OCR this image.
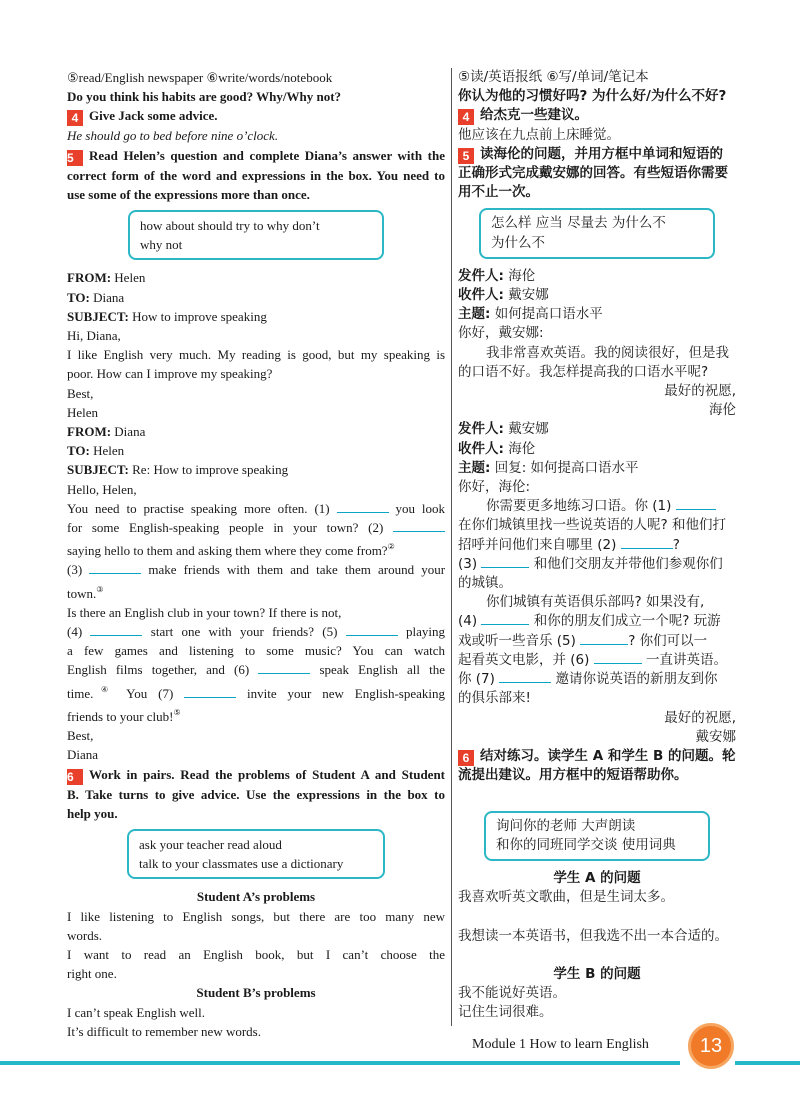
⑤read/English newspaper ⑥write/words/notebook
Do you think his habits are good? Why/Why not?
4 Give Jack some advice.
He should go to bed before nine o’clock.
5 Read Helen’s question and complete Diana’s answer with the
correct form of the word and expressions in the box. You need to
use some of the expressions more than once.
how about should try to why don’t
why not
FROM: Helen
TO: Diana
SUBJECT: How to improve speaking
Hi, Diana,
I like English very much. My reading is good, but my speaking is
poor. How can I improve my speaking?
Best,
Helen
FROM: Diana
TO: Helen
SUBJECT: Re: How to improve speaking
Hello, Helen,
You need to practise speaking more often. (1)	you look
for some English-speaking people in your town? (2)
saying hello to them and asking them where they come from?②
(3)	make friends with them and take them around your
town.③
Is there an English club in your town? If there is not,
(4)	start one with your friends? (5)	playing
a few games and listening to some music? You can watch
English films together, and (6)	speak English all the
time.④ You (7)	invite your new English-speaking
friends to your club!⑤
Best,
Diana
6 Work in pairs. Read the problems of Student A and Student
B. Take turns to give advice. Use the expressions in the box to
help you.
ask your teacher read aloud
talk to your classmates use a dictionary
Student A’s problems
I like listening to English songs, but there are too many new
words.
I want to read an English book, but I can’t choose the
right one.
Student B’s problems
I can’t speak English well.
It’s difficult to remember new words.
⑤读/英语报纸 ⑥写/单词/笔记本
你认为他的习惯好吗? 为什么好/为什么不好?
4 给杰克一些建议。
他应该在九点前上床睡觉。
5 读海伦的问题，并用方框中单词和短语的
正确形式完成戴安娜的回答。有些短语你需要
用不止一次。
怎么样 应当 尽量去 为什么不
为什么不
发件人: 海伦
收件人: 戴安娜
主题: 如何提高口语水平
你好，戴安娜:
我非常喜欢英语。我的阅读很好，但是我
的口语不好。我怎样提高我的口语水平呢?
最好的祝愿,
海伦
发件人: 戴安娜
收件人: 海伦
主题: 回复: 如何提高口语水平
你好，海伦:
你需要更多地练习口语。你 (1)
在你们城镇里找一些说英语的人呢? 和他们打
招呼并问他们来自哪里 (2)	?
(3)	和他们交朋友并带他们参观你们
的城镇。
你们城镇有英语俱乐部吗? 如果没有,
(4)	和你的朋友们成立一个呢? 玩游
戏或听一些音乐 (5)	? 你们可以一
起看英文电影，并 (6)	一直讲英语。
你 (7)	邀请你说英语的新朋友到你
的俱乐部来!
最好的祝愿,
戴安娜
6 结对练习。读学生 A 和学生 B 的问题。轮
流提出建议。用方框中的短语帮助你。

询问你的老师 大声朗读
和你的同班同学交谈 使用词典
学生 A 的问题
我喜欢听英文歌曲，但是生词太多。

我想读一本英语书，但我选不出一本合适的。

学生 B 的问题
我不能说好英语。
记住生词很难。
Module 1 How to learn English	13
